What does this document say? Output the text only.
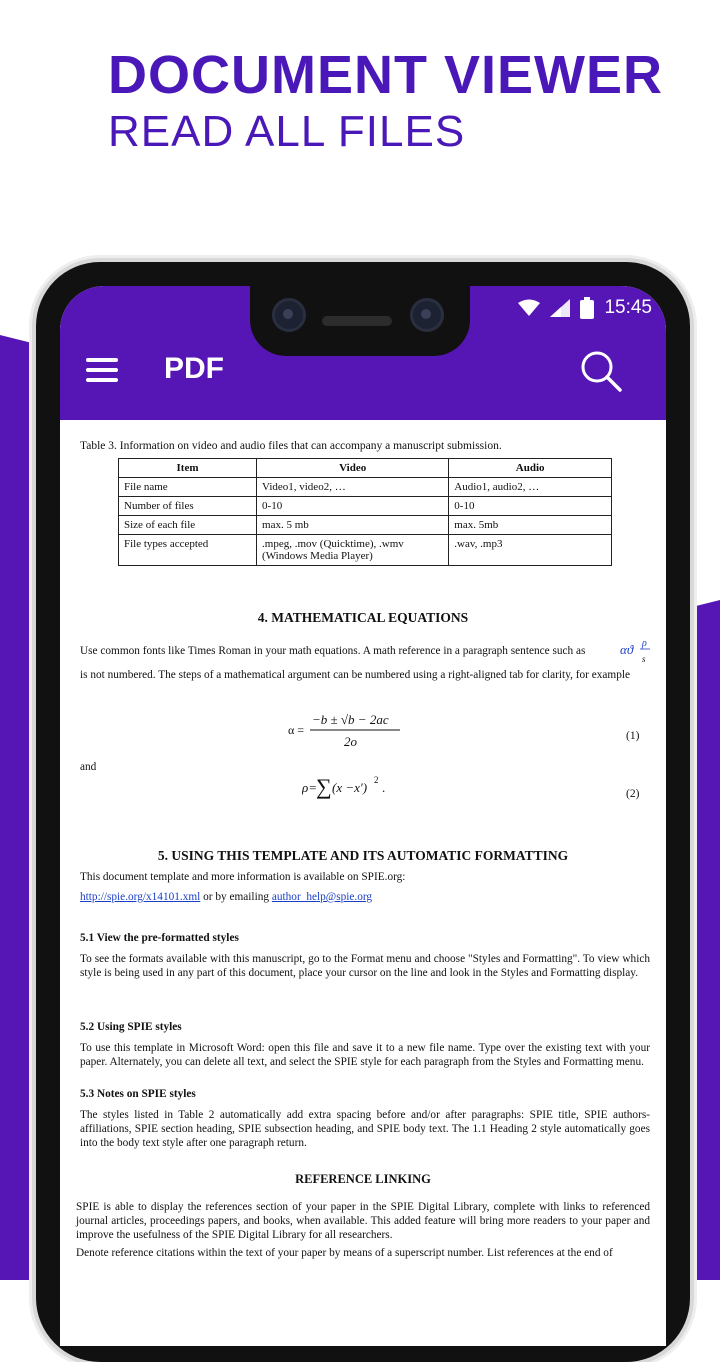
DOCUMENT VIEWER
READ ALL FILES
15:45
PDF
Table 3. Information on video and audio files that can accompany a manuscript submission.
Item	Video	Audio
File name	Video1, video2, …	Audio1, audio2, …
Number of files	0-10	0-10
Size of each file	max. 5 mb	max. 5mb
File types accepted	.mpeg, .mov (Quicktime), .wmv (Windows Media Player)	.wav, .mp3
4. MATHEMATICAL EQUATIONS
Use common fonts like Times Roman in your math equations. A math reference in a paragraph sentence such as	αϑ ρ
s
is not numbered. The steps of a mathematical argument can be numbered using a right-aligned tab for clarity, for example
α =
−b ± √b − 2ac
2o	(1)
and
ρ=
∑ (x −x′) 2 .	(2)
5. USING THIS TEMPLATE AND ITS AUTOMATIC FORMATTING
This document template and more information is available on SPIE.org:
http://spie.org/x14101.xml or by emailing author_help@spie.org
5.1 View the pre-formatted styles
To see the formats available with this manuscript, go to the Format menu and choose "Styles and Formatting". To view which style is being used in any part of this document, place your cursor on the line and look in the Styles and Formatting display.
5.2 Using SPIE styles
To use this template in Microsoft Word: open this file and save it to a new file name. Type over the existing text with your paper. Alternately, you can delete all text, and select the SPIE style for each paragraph from the Styles and Formatting menu.
5.3 Notes on SPIE styles
The styles listed in Table 2 automatically add extra spacing before and/or after paragraphs: SPIE title, SPIE authors-affiliations, SPIE section heading, SPIE subsection heading, and SPIE body text. The 1.1 Heading 2 style automatically goes into the body text style after one paragraph return.
REFERENCE LINKING
SPIE is able to display the references section of your paper in the SPIE Digital Library, complete with links to referenced journal articles, proceedings papers, and books, when available. This added feature will bring more readers to your paper and improve the usefulness of the SPIE Digital Library for all researchers.
Denote reference citations within the text of your paper by means of a superscript number. List references at the end of
